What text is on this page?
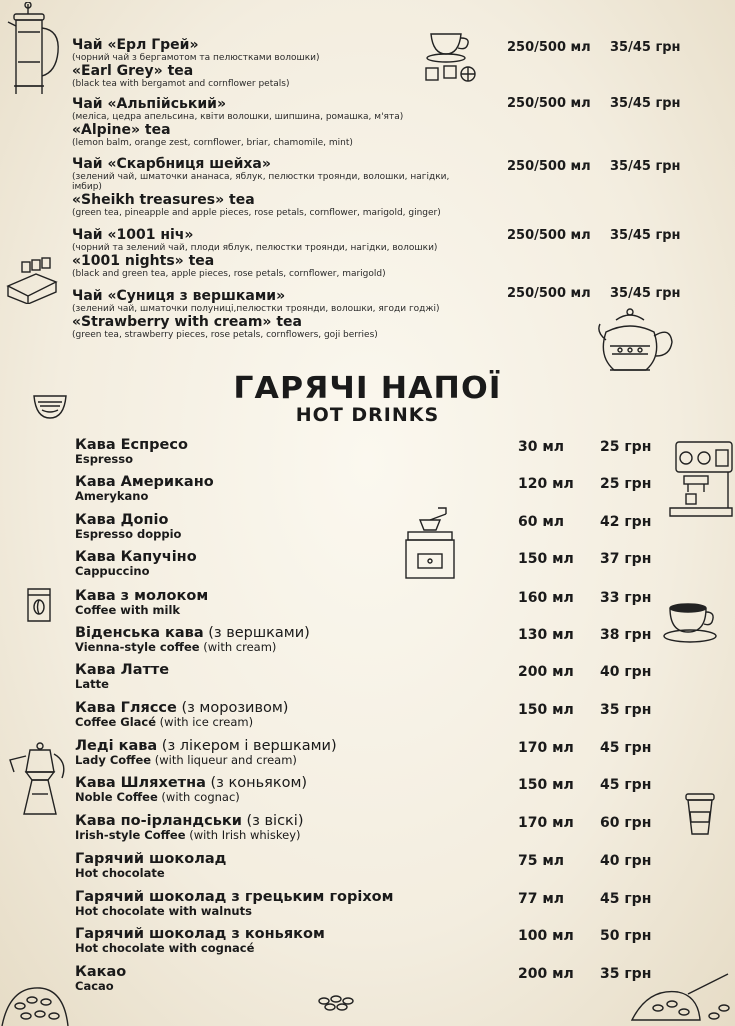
Чай «Ерл Грей»
(чорний чай з бергамотом та пелюстками волошки)
«Earl Grey» tea
(black tea with bergamot and cornflower petals)
250/500 мл 35/45 грн
Чай «Альпійський»
(меліса, цедра апельсина, квіти волошки, шипшина, ромашка, м'ята)
«Alpine» tea
(lemon balm, orange zest, cornflower, briar, chamomile, mint)
250/500 мл 35/45 грн
Чай «Скарбниця шейха»
(зелений чай, шматочки ананаса, яблук, пелюстки троянди, волошки, нагідки, імбир)
«Sheikh treasures» tea
(green tea, pineapple and apple pieces, rose petals, cornflower, marigold, ginger)
250/500 мл 35/45 грн
Чай «1001 ніч»
(чорний та зелений чай, плоди яблук, пелюстки троянди, нагідки, волошки)
«1001 nights» tea
(black and green tea, apple pieces, rose petals, cornflower, marigold)
250/500 мл 35/45 грн
Чай «Суниця з вершками»
(зелений чай, шматочки полуниці,пелюстки троянди, волошки, ягоди годжі)
«Strawberry with cream» tea
(green tea, strawberry pieces, rose petals, cornflowers, goji berries)
250/500 мл 35/45 грн
ГАРЯЧІ НАПОЇ
HOT DRINKS
Кава Еспресо
Espresso
30 мл	25 грн
Кава Американо
Amerykano
120 мл 25 грн
Кава Допіо
Espresso doppio
60 мл	42 грн
Кава Капучіно
Cappuccino
150 мл 37 грн
Кава з молоком
Coffee with milk
160 мл 33 грн
Віденська кава (з вершками)
Vienna-style coffee (with cream)
130 мл 38 грн
Кава Латте
Latte
200 мл 40 грн
Кава Гляссе (з морозивом)
Coffee Glacé (with ice cream)
150 мл 35 грн
Леді кава (з лікером і вершками)
Lady Coffee (with liqueur and cream)
170 мл 45 грн
Кава Шляхетна (з коньяком)
Noble Coffee (with cognac)
150 мл 45 грн
Кава по-ірландськи (з віскі)
Irish-style Coffee (with Irish whiskey)
170 мл 60 грн
Гарячий шоколад
Hot chocolate
75 мл	40 грн
Гарячий шоколад з грецьким горіхом
Hot chocolate with walnuts
77 мл	45 грн
Гарячий шоколад з коньяком
Hot chocolate with cognacé
100 мл 50 грн
Какао
Cacao
200 мл 35 грн
